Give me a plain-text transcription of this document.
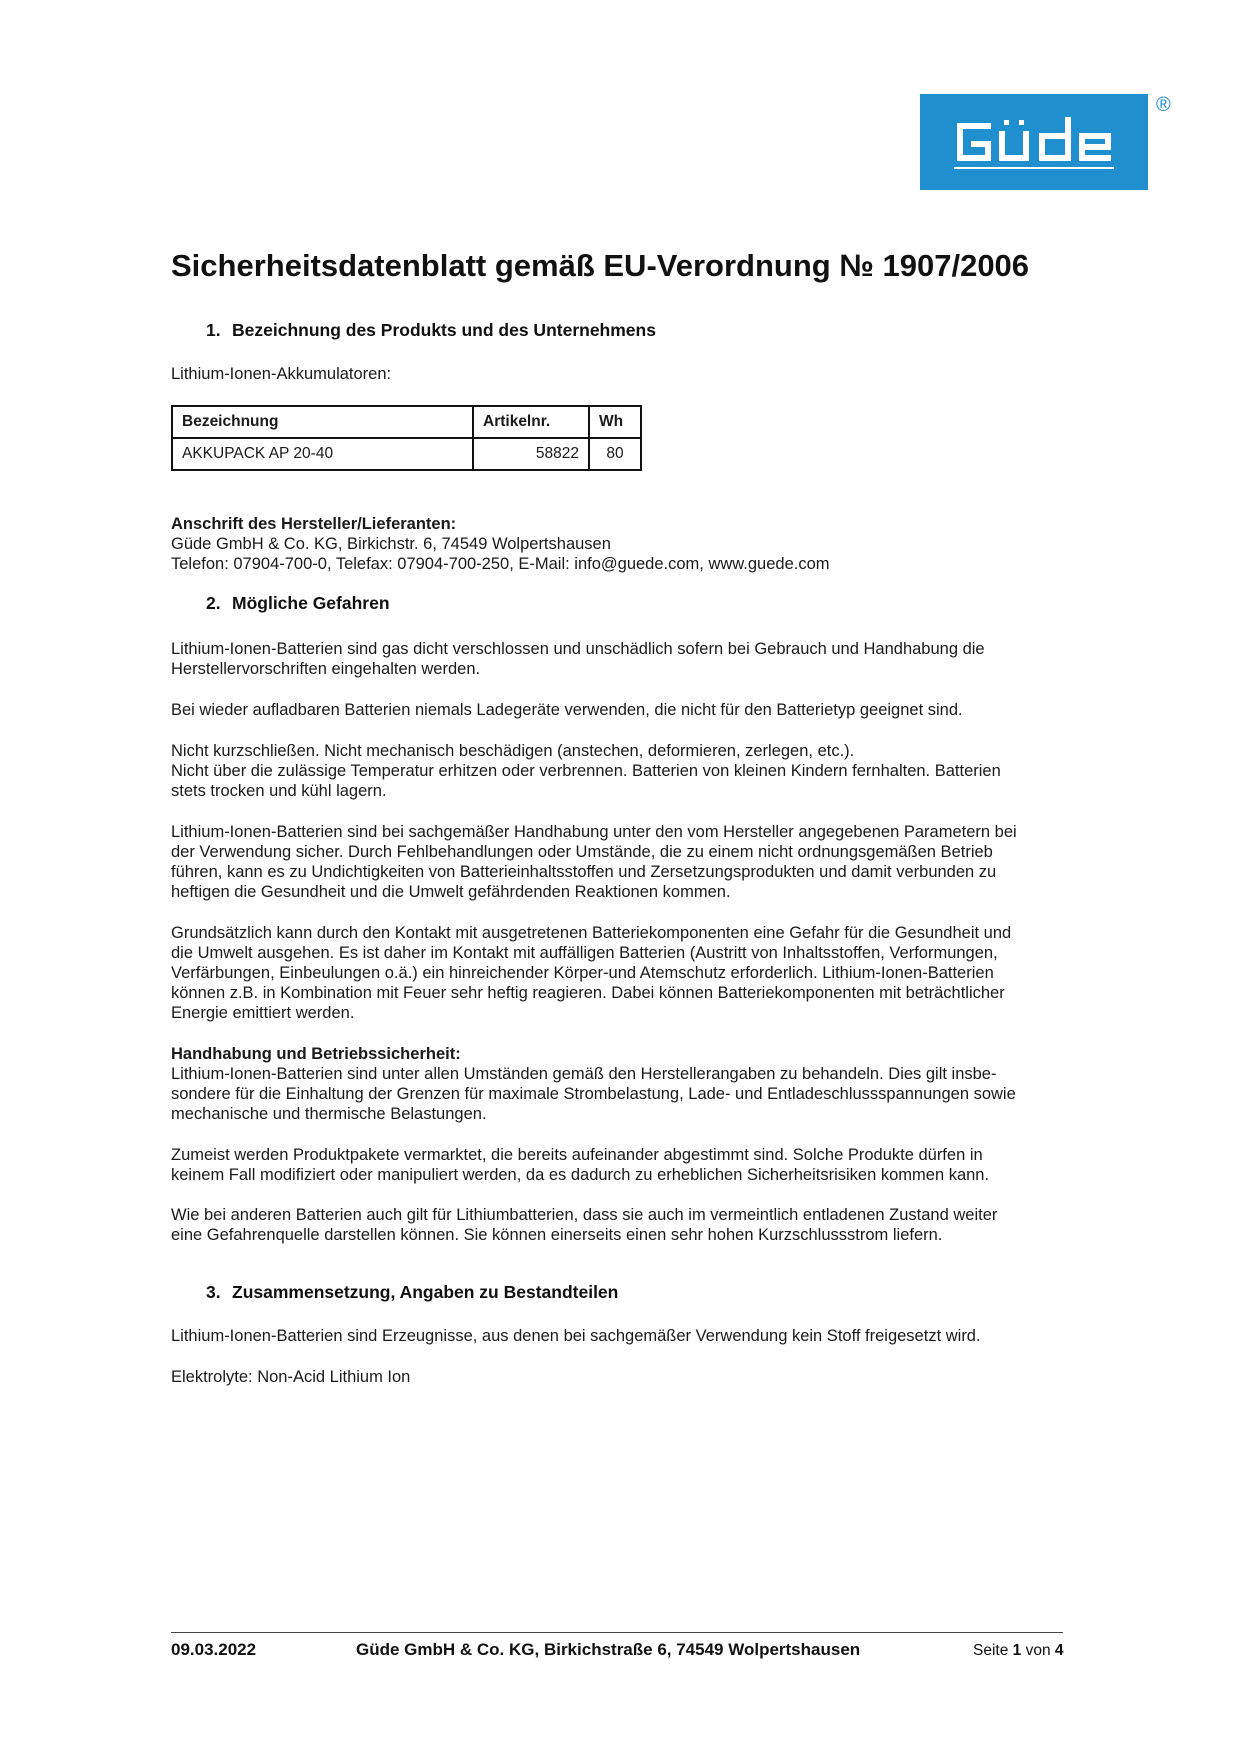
®
Sicherheitsdatenblatt gemäß EU-Verordnung № 1907/2006
1. Bezeichnung des Produkts und des Unternehmens
Lithium-Ionen-Akkumulatoren:
Bezeichnung	Artikelnr.	Wh
AKKUPACK AP 20-40	58822	80
Anschrift des Hersteller/Lieferanten:
Güde GmbH & Co. KG, Birkichstr. 6, 74549 Wolpertshausen
Telefon: 07904-700-0, Telefax: 07904-700-250, E-Mail: info@guede.com, www.guede.com
2. Mögliche Gefahren
Lithium-Ionen-Batterien sind gas dicht verschlossen und unschädlich sofern bei Gebrauch und Handhabung die
Herstellervorschriften eingehalten werden.
Bei wieder aufladbaren Batterien niemals Ladegeräte verwenden, die nicht für den Batterietyp geeignet sind.
Nicht kurzschließen. Nicht mechanisch beschädigen (anstechen, deformieren, zerlegen, etc.).
Nicht über die zulässige Temperatur erhitzen oder verbrennen. Batterien von kleinen Kindern fernhalten. Batterien
stets trocken und kühl lagern.
Lithium-Ionen-Batterien sind bei sachgemäßer Handhabung unter den vom Hersteller angegebenen Parametern bei
der Verwendung sicher. Durch Fehlbehandlungen oder Umstände, die zu einem nicht ordnungsgemäßen Betrieb
führen, kann es zu Undichtigkeiten von Batterieinhaltsstoffen und Zersetzungsprodukten und damit verbunden zu
heftigen die Gesundheit und die Umwelt gefährdenden Reaktionen kommen.
Grundsätzlich kann durch den Kontakt mit ausgetretenen Batteriekomponenten eine Gefahr für die Gesundheit und
die Umwelt ausgehen. Es ist daher im Kontakt mit auffälligen Batterien (Austritt von Inhaltsstoffen, Verformungen,
Verfärbungen, Einbeulungen o.ä.) ein hinreichender Körper-und Atemschutz erforderlich. Lithium-Ionen-Batterien
können z.B. in Kombination mit Feuer sehr heftig reagieren. Dabei können Batteriekomponenten mit beträchtlicher
Energie emittiert werden.
Handhabung und Betriebssicherheit:
Lithium-Ionen-Batterien sind unter allen Umständen gemäß den Herstellerangaben zu behandeln. Dies gilt insbe-
sondere für die Einhaltung der Grenzen für maximale Strombelastung, Lade- und Entladeschlussspannungen sowie
mechanische und thermische Belastungen.
Zumeist werden Produktpakete vermarktet, die bereits aufeinander abgestimmt sind. Solche Produkte dürfen in
keinem Fall modifiziert oder manipuliert werden, da es dadurch zu erheblichen Sicherheitsrisiken kommen kann.
Wie bei anderen Batterien auch gilt für Lithiumbatterien, dass sie auch im vermeintlich entladenen Zustand weiter
eine Gefahrenquelle darstellen können. Sie können einerseits einen sehr hohen Kurzschlussstrom liefern.
3. Zusammensetzung, Angaben zu Bestandteilen
Lithium-Ionen-Batterien sind Erzeugnisse, aus denen bei sachgemäßer Verwendung kein Stoff freigesetzt wird.
Elektrolyte: Non-Acid Lithium Ion
09.03.2022	Güde GmbH & Co. KG, Birkichstraße 6, 74549 Wolpertshausen	Seite 1 von 4
